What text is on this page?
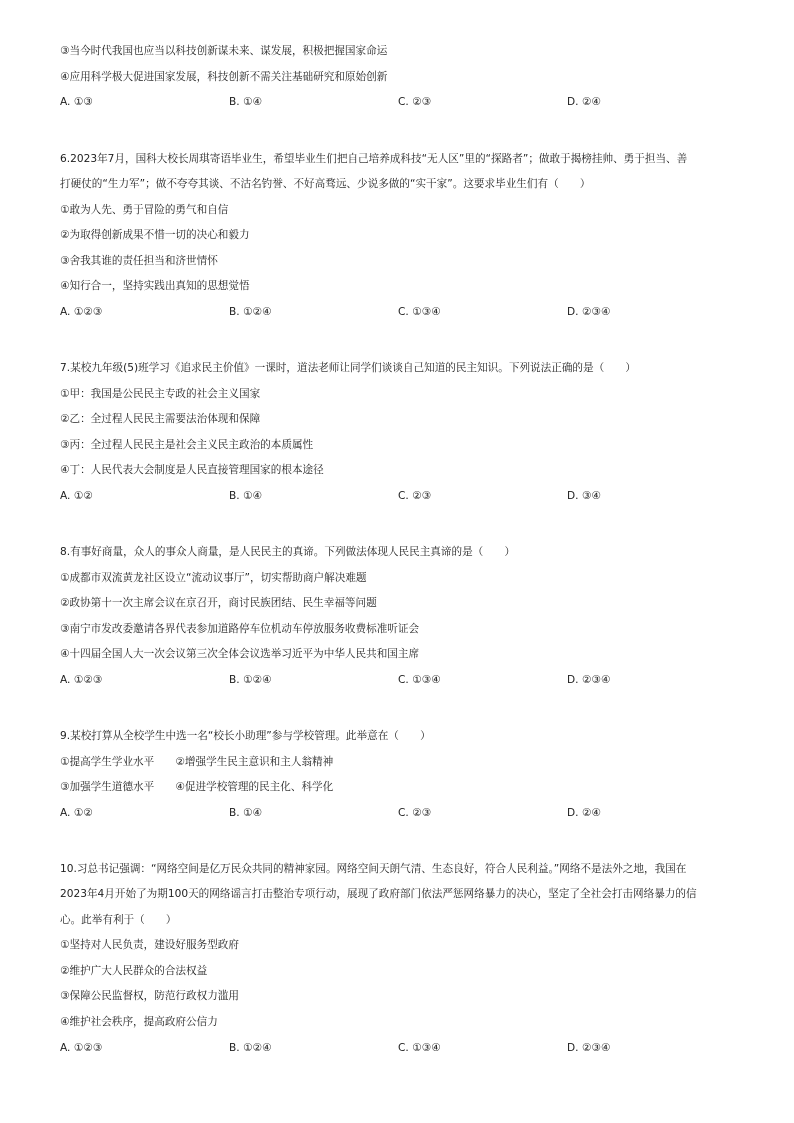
③当今时代我国也应当以科技创新谋未来、谋发展，积极把握国家命运
④应用科学极大促进国家发展，科技创新不需关注基础研究和原始创新
A. ①③	B. ①④	C. ②③	D. ②④
6.2023年7月，国科大校长周琪寄语毕业生，希望毕业生们把自己培养成科技“无人区”里的“探路者”；做敢于揭榜挂帅、勇于担当、善
打硬仗的“生力军”；做不夸夸其谈、不沽名钓誉、不好高骛远、少说多做的“实干家”。这要求毕业生们有（　　）
①敢为人先、勇于冒险的勇气和自信
②为取得创新成果不惜一切的决心和毅力
③舍我其谁的责任担当和济世情怀
④知行合一，坚持实践出真知的思想觉悟
A. ①②③	B. ①②④	C. ①③④	D. ②③④
7.某校九年级(5)班学习《追求民主价值》一课时，道法老师让同学们谈谈自己知道的民主知识。下列说法正确的是（　　）
①甲：我国是公民民主专政的社会主义国家
②乙：全过程人民民主需要法治体现和保障
③丙：全过程人民民主是社会主义民主政治的本质属性
④丁：人民代表大会制度是人民直接管理国家的根本途径
A. ①②	B. ①④	C. ②③	D. ③④
8.有事好商量，众人的事众人商量，是人民民主的真谛。下列做法体现人民民主真谛的是（　　）
①成都市双流黄龙社区设立“流动议事厅”，切实帮助商户解决难题
②政协第十一次主席会议在京召开，商讨民族团结、民生幸福等问题
③南宁市发改委邀请各界代表参加道路停车位机动车停放服务收费标准听证会
④十四届全国人大一次会议第三次全体会议选举习近平为中华人民共和国主席
A. ①②③	B. ①②④	C. ①③④	D. ②③④
9.某校打算从全校学生中选一名“校长小助理”参与学校管理。此举意在（　　）
①提高学生学业水平　　②增强学生民主意识和主人翁精神
③加强学生道德水平　　④促进学校管理的民主化、科学化
A. ①②	B. ①④	C. ②③	D. ②④
10.习总书记强调：“网络空间是亿万民众共同的精神家园。网络空间天朗气清、生态良好，符合人民利益。”网络不是法外之地，我国在
2023年4月开始了为期100天的网络谣言打击整治专项行动，展现了政府部门依法严惩网络暴力的决心，坚定了全社会打击网络暴力的信
心。此举有利于（　　）
①坚持对人民负责，建设好服务型政府
②维护广大人民群众的合法权益
③保障公民监督权，防范行政权力滥用
④维护社会秩序，提高政府公信力
A. ①②③	B. ①②④	C. ①③④	D. ②③④
